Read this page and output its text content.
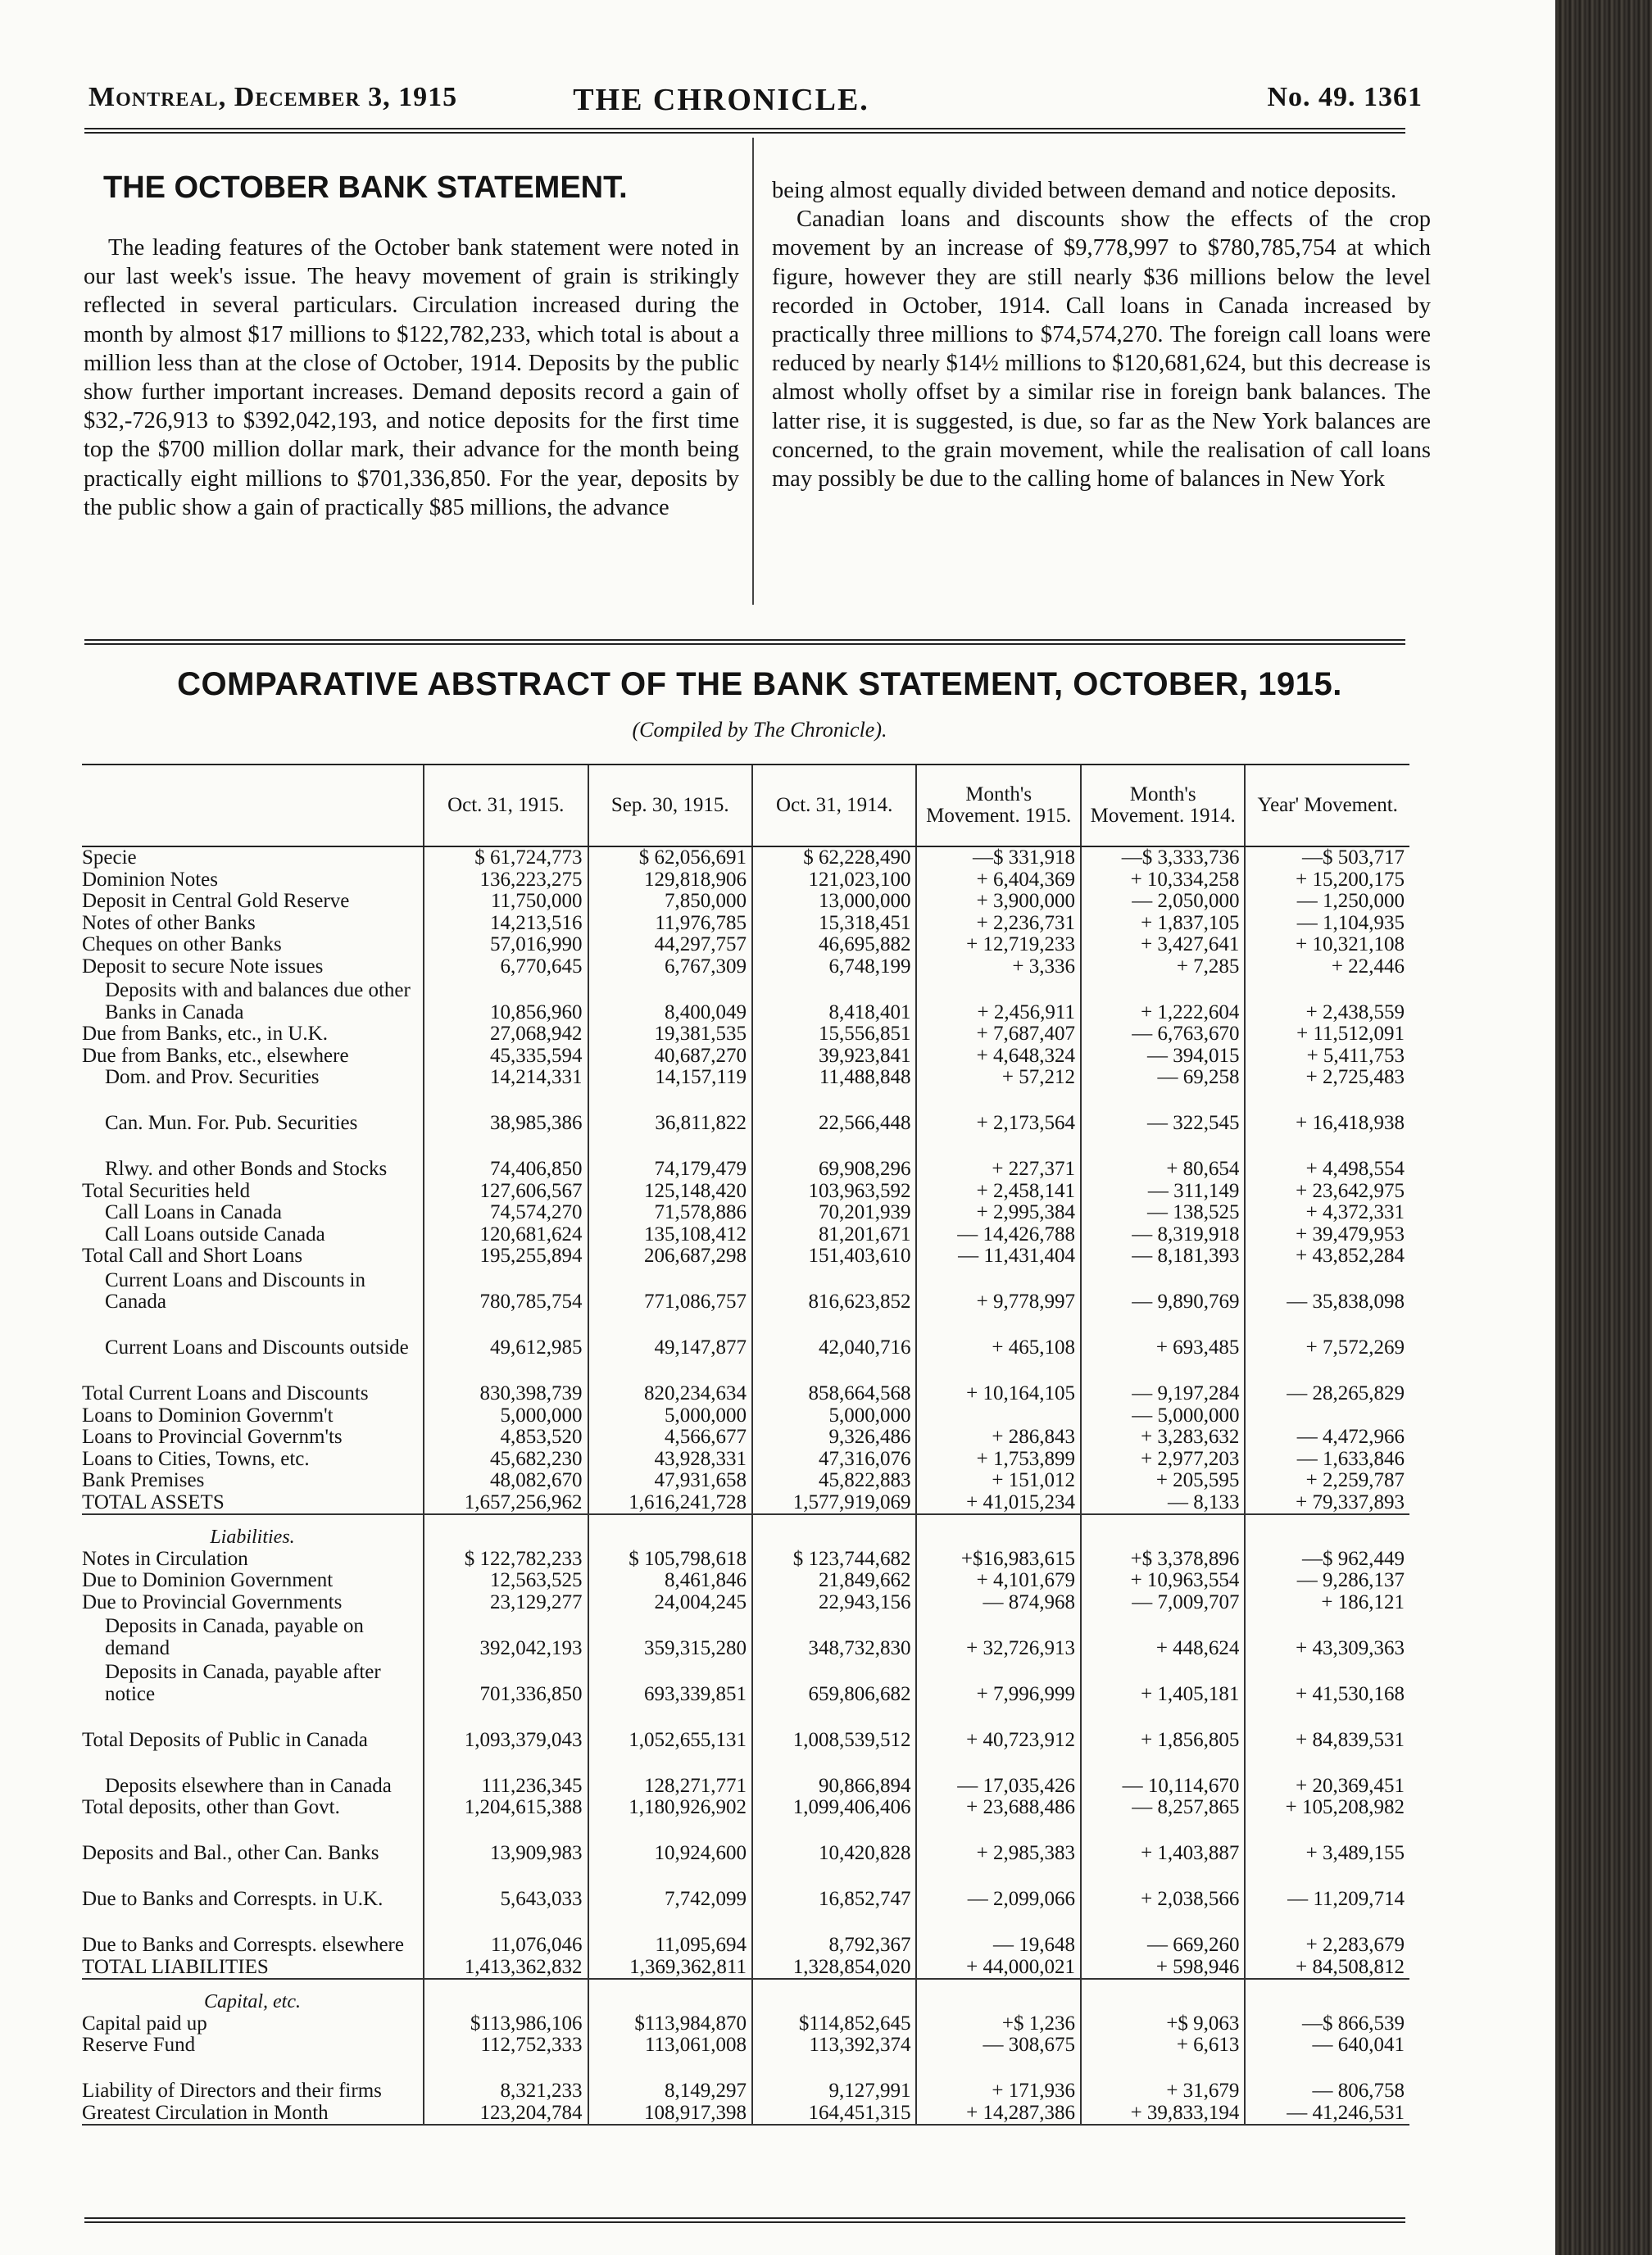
Montreal, December 3, 1915	THE CHRONICLE.	No. 49. 1361
THE OCTOBER BANK STATEMENT.
The leading features of the October bank statement were noted in our last week's issue. The heavy movement of grain is strikingly reflected in several particulars. Circulation increased during the month by almost $17 millions to $122,782,233, which total is about a million less than at the close of October, 1914. Deposits by the public show further important increases. Demand deposits record a gain of $32,-726,913 to $392,042,193, and notice deposits for the first time top the $700 million dollar mark, their advance for the month being practically eight millions to $701,336,850. For the year, deposits by the public show a gain of practically $85 millions, the advance

being almost equally divided between demand and notice deposits.

Canadian loans and discounts show the effects of the crop movement by an increase of $9,778,997 to $780,785,754 at which figure, however they are still nearly $36 millions below the level recorded in October, 1914. Call loans in Canada increased by practically three millions to $74,574,270. The foreign call loans were reduced by nearly $14½ millions to $120,681,624, but this decrease is almost wholly offset by a similar rise in foreign bank balances. The latter rise, it is suggested, is due, so far as the New York balances are concerned, to the grain movement, while the realisation of call loans may possibly be due to the calling home of balances in New York

COMPARATIVE ABSTRACT OF THE BANK STATEMENT, OCTOBER, 1915.
(Compiled by The Chronicle).
	Oct. 31, 1915.	Sep. 30, 1915.	Oct. 31, 1914.	Month's Movement. 1915.	Month's Movement. 1914.	Year' Movement.
Specie	$ 61,724,773	$ 62,056,691	$ 62,228,490	—$ 331,918	—$ 3,333,736	—$ 503,717
Dominion Notes	136,223,275	129,818,906	121,023,100	+ 6,404,369	+ 10,334,258	+ 15,200,175
Deposit in Central Gold Reserve	11,750,000	7,850,000	13,000,000	+ 3,900,000	— 2,050,000	— 1,250,000
Notes of other Banks	14,213,516	11,976,785	15,318,451	+ 2,236,731	+ 1,837,105	— 1,104,935
Cheques on other Banks	57,016,990	44,297,757	46,695,882	+ 12,719,233	+ 3,427,641	+ 10,321,108
Deposit to secure Note issues	6,770,645	6,767,309	6,748,199	+ 3,336	+ 7,285	+ 22,446
Deposits with and balances due other Banks in Canada	10,856,960	8,400,049	8,418,401	+ 2,456,911	+ 1,222,604	+ 2,438,559
Due from Banks, etc., in U.K.	27,068,942	19,381,535	15,556,851	+ 7,687,407	— 6,763,670	+ 11,512,091
Due from Banks, etc., elsewhere	45,335,594	40,687,270	39,923,841	+ 4,648,324	— 394,015	+ 5,411,753
Dom. and Prov. Securities	14,214,331	14,157,119	11,488,848	+ 57,212	— 69,258	+ 2,725,483
Can. Mun. For. Pub. Securities	38,985,386	36,811,822	22,566,448	+ 2,173,564	— 322,545	+ 16,418,938
Rlwy. and other Bonds and Stocks	74,406,850	74,179,479	69,908,296	+ 227,371	+ 80,654	+ 4,498,554
Total Securities held	127,606,567	125,148,420	103,963,592	+ 2,458,141	— 311,149	+ 23,642,975
Call Loans in Canada	74,574,270	71,578,886	70,201,939	+ 2,995,384	— 138,525	+ 4,372,331
Call Loans outside Canada	120,681,624	135,108,412	81,201,671	— 14,426,788	— 8,319,918	+ 39,479,953
Total Call and Short Loans	195,255,894	206,687,298	151,403,610	— 11,431,404	— 8,181,393	+ 43,852,284
Current Loans and Discounts in Canada	780,785,754	771,086,757	816,623,852	+ 9,778,997	— 9,890,769	— 35,838,098
Current Loans and Discounts outside	49,612,985	49,147,877	42,040,716	+ 465,108	+ 693,485	+ 7,572,269
Total Current Loans and Discounts	830,398,739	820,234,634	858,664,568	+ 10,164,105	— 9,197,284	— 28,265,829
Loans to Dominion Governm't	5,000,000	5,000,000	5,000,000		— 5,000,000	
Loans to Provincial Governm'ts	4,853,520	4,566,677	9,326,486	+ 286,843	+ 3,283,632	— 4,472,966
Loans to Cities, Towns, etc.	45,682,230	43,928,331	47,316,076	+ 1,753,899	+ 2,977,203	— 1,633,846
Bank Premises	48,082,670	47,931,658	45,822,883	+ 151,012	+ 205,595	+ 2,259,787
TOTAL ASSETS	1,657,256,962	1,616,241,728	1,577,919,069	+ 41,015,234	— 8,133	+ 79,337,893
Liabilities.						
Notes in Circulation	$ 122,782,233	$ 105,798,618	$ 123,744,682	+$16,983,615	+$ 3,378,896	—$ 962,449
Due to Dominion Government	12,563,525	8,461,846	21,849,662	+ 4,101,679	+ 10,963,554	— 9,286,137
Due to Provincial Governments	23,129,277	24,004,245	22,943,156	— 874,968	— 7,009,707	+ 186,121
Deposits in Canada, payable on demand	392,042,193	359,315,280	348,732,830	+ 32,726,913	+ 448,624	+ 43,309,363
Deposits in Canada, payable after notice	701,336,850	693,339,851	659,806,682	+ 7,996,999	+ 1,405,181	+ 41,530,168
Total Deposits of Public in Canada	1,093,379,043	1,052,655,131	1,008,539,512	+ 40,723,912	+ 1,856,805	+ 84,839,531
Deposits elsewhere than in Canada	111,236,345	128,271,771	90,866,894	— 17,035,426	— 10,114,670	+ 20,369,451
Total deposits, other than Govt.	1,204,615,388	1,180,926,902	1,099,406,406	+ 23,688,486	— 8,257,865	+ 105,208,982
Deposits and Bal., other Can. Banks	13,909,983	10,924,600	10,420,828	+ 2,985,383	+ 1,403,887	+ 3,489,155
Due to Banks and Correspts. in U.K.	5,643,033	7,742,099	16,852,747	— 2,099,066	+ 2,038,566	— 11,209,714
Due to Banks and Correspts. elsewhere	11,076,046	11,095,694	8,792,367	— 19,648	— 669,260	+ 2,283,679
TOTAL LIABILITIES	1,413,362,832	1,369,362,811	1,328,854,020	+ 44,000,021	+ 598,946	+ 84,508,812
Capital, etc.						
Capital paid up	$113,986,106	$113,984,870	$114,852,645	+$ 1,236	+$ 9,063	—$ 866,539
Reserve Fund	112,752,333	113,061,008	113,392,374	— 308,675	+ 6,613	— 640,041
Liability of Directors and their firms	8,321,233	8,149,297	9,127,991	+ 171,936	+ 31,679	— 806,758
Greatest Circulation in Month	123,204,784	108,917,398	164,451,315	+ 14,287,386	+ 39,833,194	— 41,246,531
